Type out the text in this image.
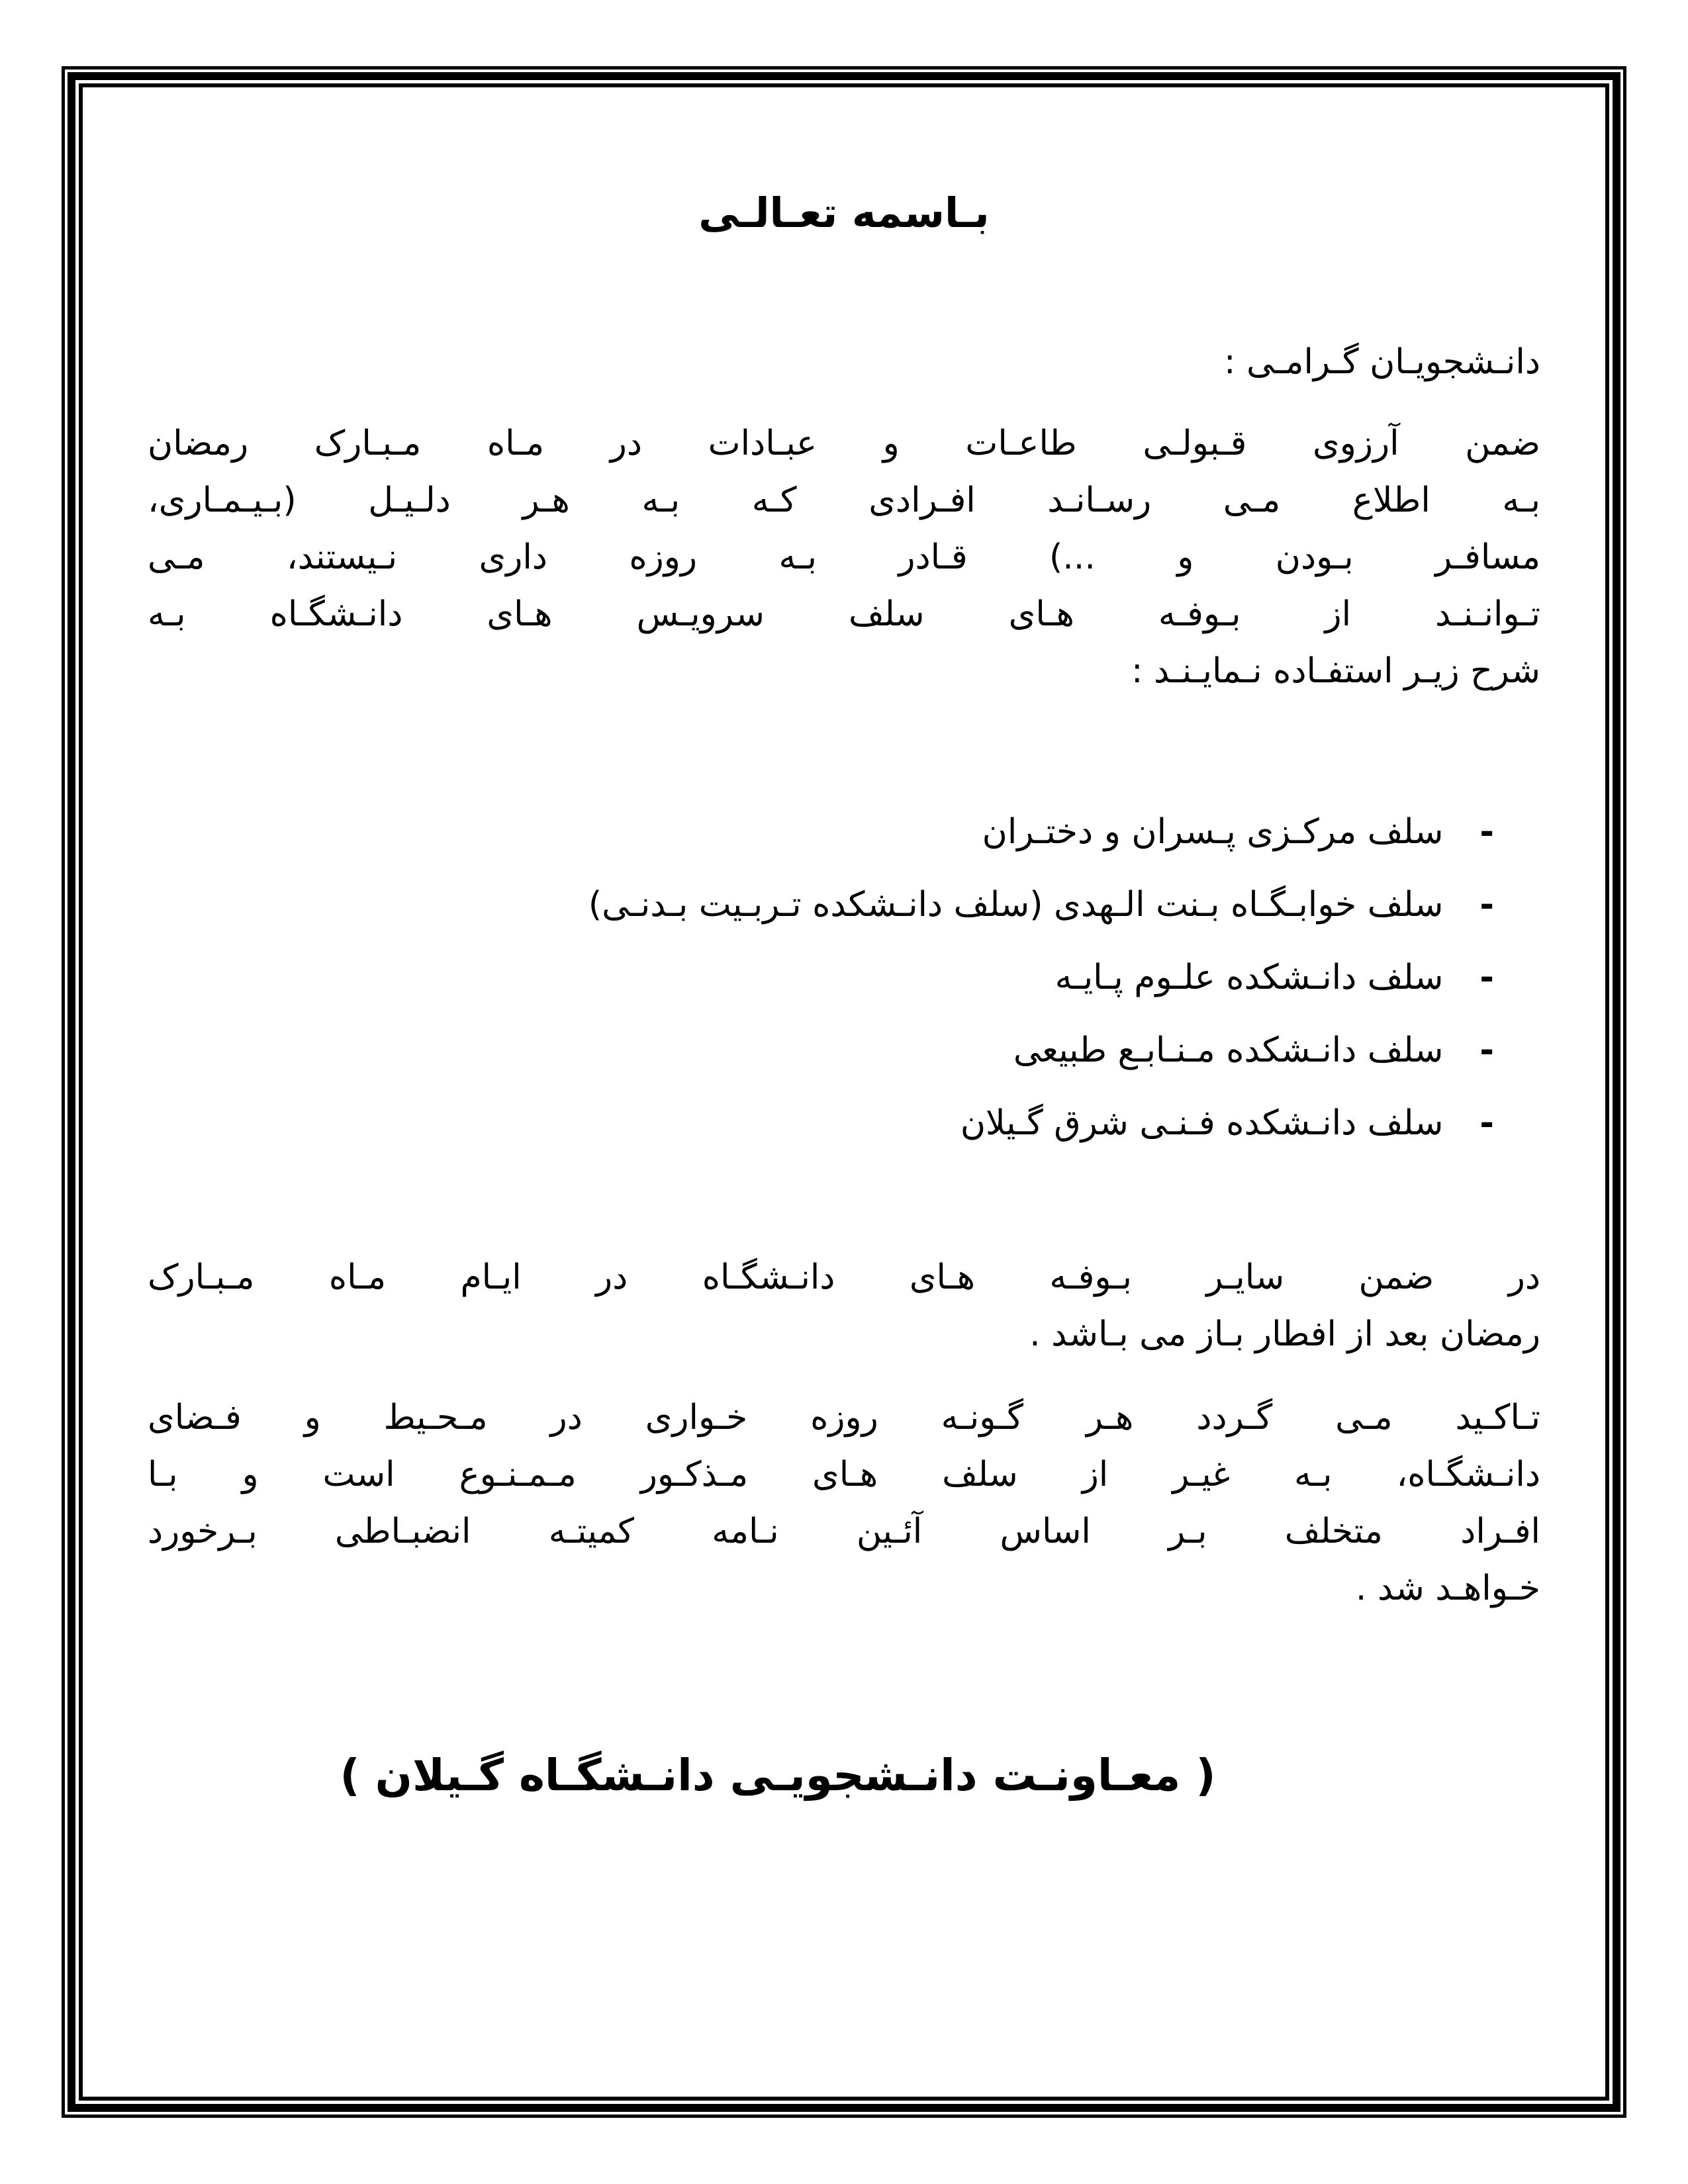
بـاسمه تعـالـی
دانـشجویـان گـرامـی :
ضمن آرزوی قـبولـی طاعـات و عبـادات در مـاه مـبـارک رمضان
بـه اطلاع مـی رسـانـد افـرادی کـه بـه هـر دلـیـل (بـیـمـاری،
مسافـر بـودن و ...) قـادر بـه روزه داری نـیستند، مـی
تـوانـنـد از بـوفـه هـای سلف سرویـس هـای دانـشگـاه بـه
شرح زیـر استفـاده نـمایـنـد :
-سلف مرکـزی پـسران و دختـران
-سلف خوابـگـاه بـنت الـهدی (سلف دانـشکده تـربـیت بـدنـی)
-سلف دانـشکده علـوم پـایـه
-سلف دانـشکده مـنـابـع طبیعی
-سلف دانـشکده فـنـی شرق گـیلان
در ضمن سایـر بـوفـه هـای دانـشگـاه در ایـام مـاه مـبـارک
رمضان بعد از افطار بـاز می بـاشد .
تـاکـید مـی گـردد هـر گـونـه روزه خـواری در مـحـیط و فـضای
دانـشگـاه، بـه غیـر از سلف هـای مـذکـور مـمـنـوع است و بـا
افـراد متخلف بـر اساس آئـین نـامه کمیتـه انضبـاطی بـرخورد
خـواهـد شد .
( معـاونـت دانـشجویـی دانـشگـاه گـیلان )
